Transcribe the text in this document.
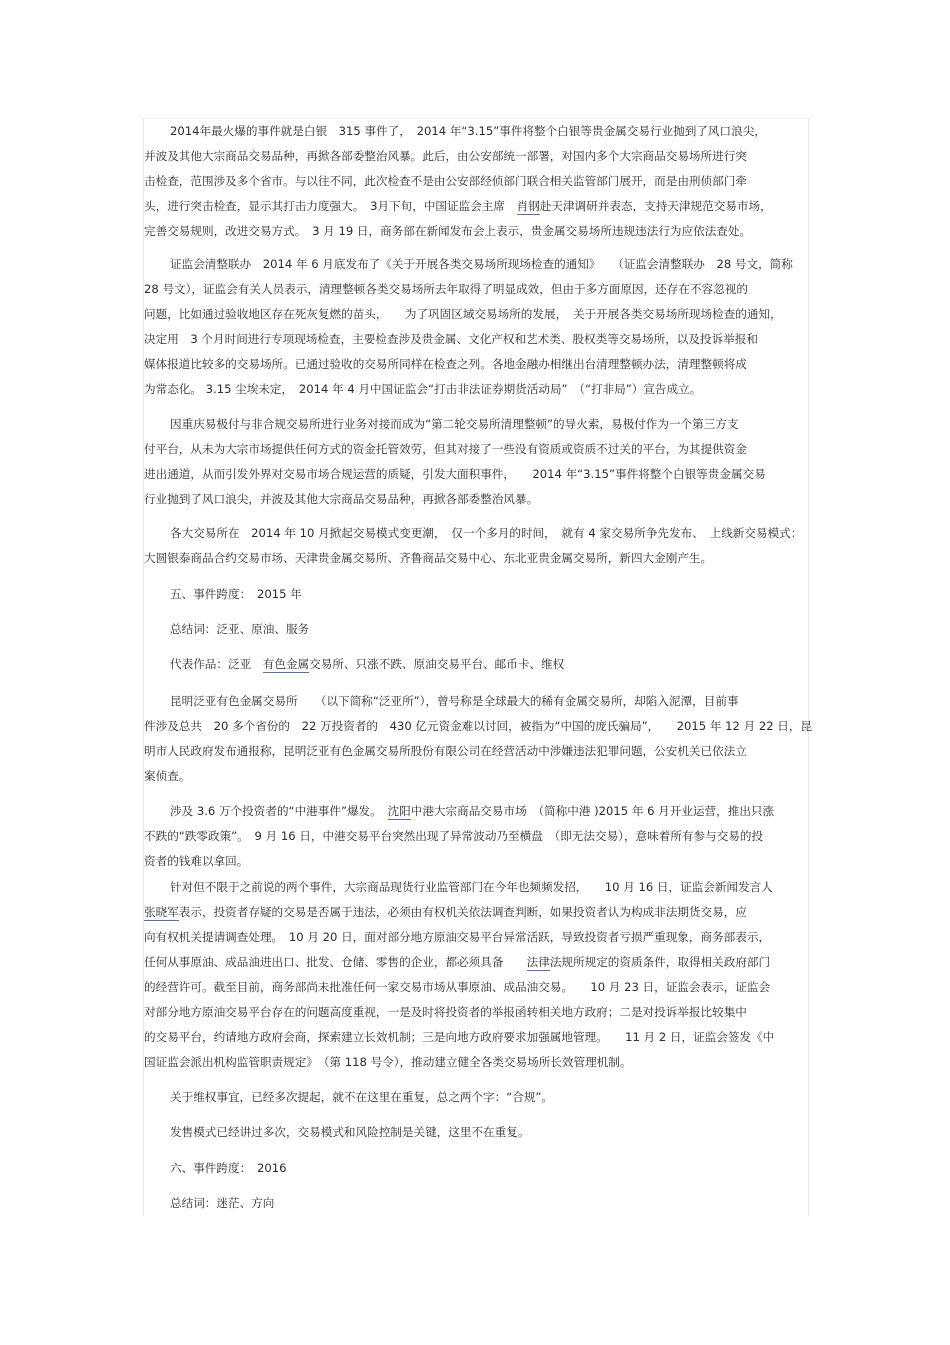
2014年最火爆的事件就是白银　315 事件了，　2014 年“3.15”事件将整个白银等贵金属交易行业抛到了风口浪尖，
并波及其他大宗商品交易品种，再掀各部委整治风暴。此后，由公安部统一部署，对国内多个大宗商品交易场所进行突
击检查，范围涉及多个省市。与以往不同，此次检查不是由公安部经侦部门联合相关监管部门展开，而是由刑侦部门牵
头，进行突击检查，显示其打击力度强大。　3月下旬，中国证监会主席　肖钢赴天津调研并表态，支持天津规范交易市场，
完善交易规则，改进交易方式。　3 月 19 日，商务部在新闻发布会上表示，贵金属交易场所违规违法行为应依法查处。
证监会清整联办　2014 年 6 月底发布了《关于开展各类交易场所现场检查的通知》　　（证监会清整联办　28 号文，简称
28 号文），证监会有关人员表示，清理整顿各类交易场所去年取得了明显成效，但由于多方面原因，还存在不容忽视的
问题，比如通过验收地区存在死灰复燃的苗头，　　为了巩固区域交易场所的发展，　关于开展各类交易场所现场检查的通知，
决定用　3 个月时间进行专项现场检查，主要检查涉及贵金属、文化产权和艺术类、股权类等交易场所，以及投诉举报和
媒体报道比较多的交易场所。已通过验收的交易所同样在检查之列。各地金融办相继出台清理整顿办法，清理整顿将成
为常态化。 3.15 尘埃未定，　2014 年 4 月中国证监会“打击非法证券期货活动局”　（“打非局”）宣告成立。
因重庆易极付与非合规交易所进行业务对接而成为“第二轮交易所清理整顿”的导火索，易极付作为一个第三方支
付平台，从未为大宗市场提供任何方式的资金托管效劳，但其对接了一些没有资质或资质不过关的平台，为其提供资金
进出通道，从而引发外界对交易市场合规运营的质疑，引发大面积事件，　　2014 年“3.15”事件将整个白银等贵金属交易
行业抛到了风口浪尖，并波及其他大宗商品交易品种，再掀各部委整治风暴。
各大交易所在　2014 年 10 月掀起交易模式变更潮，　仅一个多月的时间，　就有 4 家交易所争先发布、　上线新交易模式：
大圆银泰商品合约交易市场、天津贵金属交易所、齐鲁商品交易中心、东北亚贵金属交易所，新四大金刚产生。
五、事件跨度：　2015 年
总结词：泛亚、原油、服务
代表作品：泛亚　有色金属交易所、只涨不跌、原油交易平台、邮币卡、维权
昆明泛亚有色金属交易所　　（以下简称“泛亚所”），曾号称是全球最大的稀有金属交易所，却陷入泥潭，目前事
件涉及总共　20 多个省份的　22 万投资者的　430 亿元资金难以讨回，被指为“中国的庞氏骗局”，　　2015 年 12 月 22 日，昆
明市人民政府发布通报称，昆明泛亚有色金属交易所股份有限公司在经营活动中涉嫌违法犯罪问题，公安机关已依法立
案侦查。
涉及 3.6 万个投资者的“中港事件”爆发。　沈阳中港大宗商品交易市场　（简称中港 )2015 年 6 月开业运营，推出只涨
不跌的“跌零政策”。　9 月 16 日，中港交易平台突然出现了异常波动乃至横盘　（即无法交易），意味着所有参与交易的投
资者的钱难以拿回。
针对但不限于之前说的两个事件，大宗商品现货行业监管部门在今年也频频发招，　　10 月 16 日，证监会新闻发言人
张晓军表示，投资者存疑的交易是否属于违法，必须由有权机关依法调查判断，如果投资者认为构成非法期货交易，应
向有权机关提请调查处理。　10 月 20 日，面对部分地方原油交易平台异常活跃，导致投资者亏损严重现象，商务部表示，
任何从事原油、成品油进出口、批发、仓储、零售的企业，都必须具备　　法律法规所规定的资质条件，取得相关政府部门
的经营许可。截至目前，商务部尚未批准任何一家交易市场从事原油、成品油交易。　　10 月 23 日，证监会表示，证监会
对部分地方原油交易平台存在的问题高度重视，一是及时将投资者的举报函转相关地方政府；二是对投诉举报比较集中
的交易平台，约请地方政府会商，探索建立长效机制；三是向地方政府要求加强属地管理。　　11 月 2 日，证监会签发《中
国证监会派出机构监管职责规定》　（第 118 号令），推动建立健全各类交易场所长效管理机制。
关于维权事宜，已经多次提起，就不在这里在重复，总之两个字：“合规”。
发售模式已经讲过多次，交易模式和风险控制是关键，这里不在重复。
六、事件跨度：　2016
总结词：迷茫、方向
